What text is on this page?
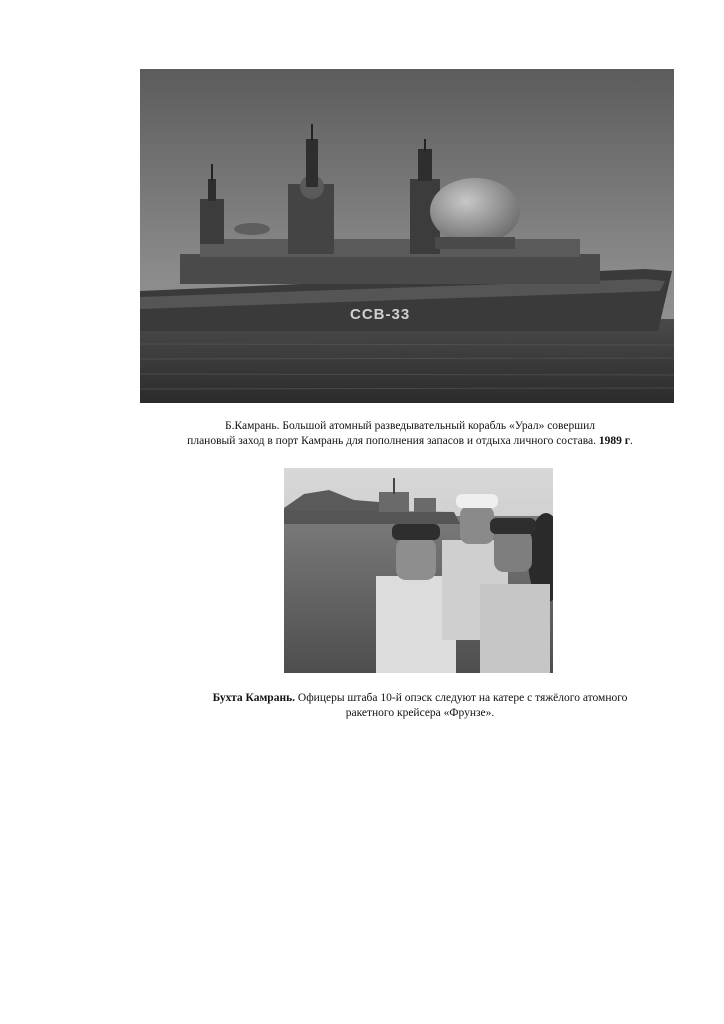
ССВ-33
Б.Камрань. Большой атомный разведывательный корабль «Урал» совершил
плановый заход в порт Камрань для пополнения запасов и отдыха личного состава. 1989 г.
Бухта Камрань. Офицеры штаба 10-й опэск следуют на катере с тяжёлого атомного
ракетного крейсера «Фрунзе».
